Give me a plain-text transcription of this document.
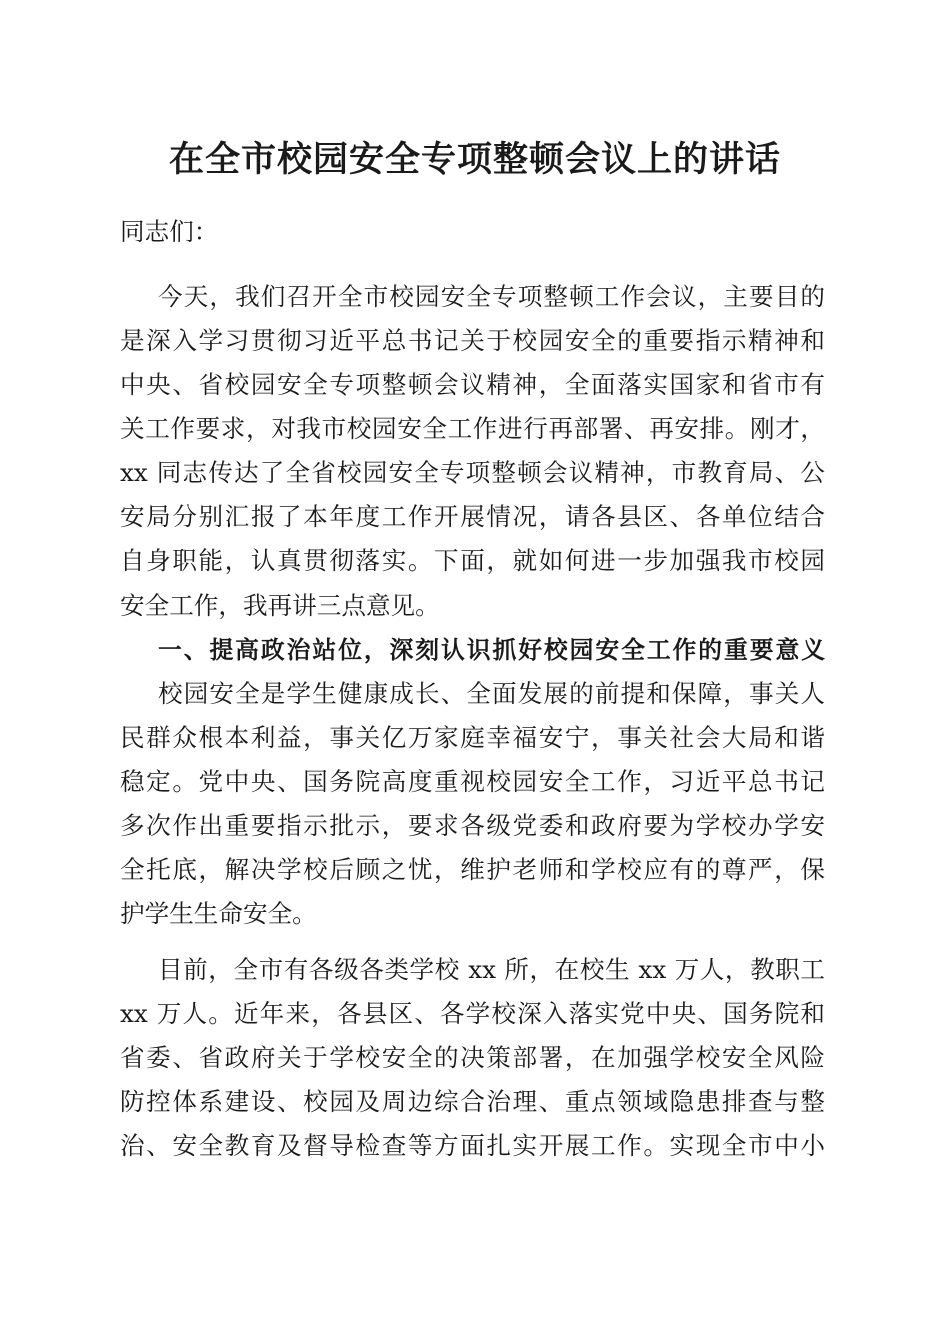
在全市校园安全专项整顿会议上的讲话

同志们：

今天，我们召开全市校园安全专项整顿工作会议，主要目的

是深入学习贯彻习近平总书记关于校园安全的重要指示精神和

中央、省校园安全专项整顿会议精神，全面落实国家和省市有

关工作要求，对我市校园安全工作进行再部署、再安排。刚才，

xx 同志传达了全省校园安全专项整顿会议精神，市教育局、公

安局分别汇报了本年度工作开展情况，请各县区、各单位结合

自身职能，认真贯彻落实。下面，就如何进一步加强我市校园

安全工作，我再讲三点意见。

一、提高政治站位，深刻认识抓好校园安全工作的重要意义

校园安全是学生健康成长、全面发展的前提和保障，事关人

民群众根本利益，事关亿万家庭幸福安宁，事关社会大局和谐

稳定。党中央、国务院高度重视校园安全工作，习近平总书记

多次作出重要指示批示，要求各级党委和政府要为学校办学安

全托底，解决学校后顾之忧，维护老师和学校应有的尊严，保

护学生生命安全。

目前，全市有各级各类学校 xx 所，在校生 xx 万人，教职工

xx 万人。近年来，各县区、各学校深入落实党中央、国务院和

省委、省政府关于学校安全的决策部署，在加强学校安全风险

防控体系建设、校园及周边综合治理、重点领域隐患排查与整

治、安全教育及督导检查等方面扎实开展工作。实现全市中小
